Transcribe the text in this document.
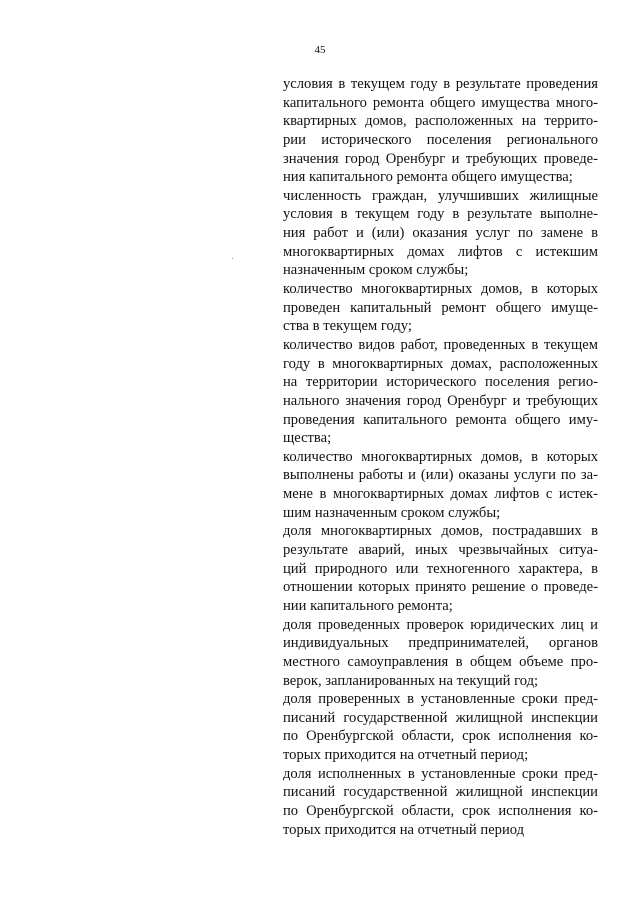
45
условия в текущем году в результате проведения
капитального ремонта общего имущества много-
квартирных домов, расположенных на террито-
рии исторического поселения регионального
значения город Оренбург и требующих проведе-
ния капитального ремонта общего имущества;
численность граждан, улучшивших жилищные
условия в текущем году в результате выполне-
ния работ и (или) оказания услуг по замене в
многоквартирных домах лифтов с истекшим
назначенным сроком службы;
количество многоквартирных домов, в которых
проведен капитальный ремонт общего имуще-
ства в текущем году;
количество видов работ, проведенных в текущем
году в многоквартирных домах, расположенных
на территории исторического поселения регио-
нального значения город Оренбург и требующих
проведения капитального ремонта общего иму-
щества;
количество многоквартирных домов, в которых
выполнены работы и (или) оказаны услуги по за-
мене в многоквартирных домах лифтов с истек-
шим назначенным сроком службы;
доля многоквартирных домов, пострадавших в
результате аварий, иных чрезвычайных ситуа-
ций природного или техногенного характера, в
отношении которых принято решение о проведе-
нии капитального ремонта;
доля проведенных проверок юридических лиц и
индивидуальных предпринимателей, органов
местного самоуправления в общем объеме про-
верок, запланированных на текущий год;
доля проверенных в установленные сроки пред-
писаний государственной жилищной инспекции
по Оренбургской области, срок исполнения ко-
торых приходится на отчетный период;
доля исполненных в установленные сроки пред-
писаний государственной жилищной инспекции
по Оренбургской области, срок исполнения ко-
торых приходится на отчетный период
